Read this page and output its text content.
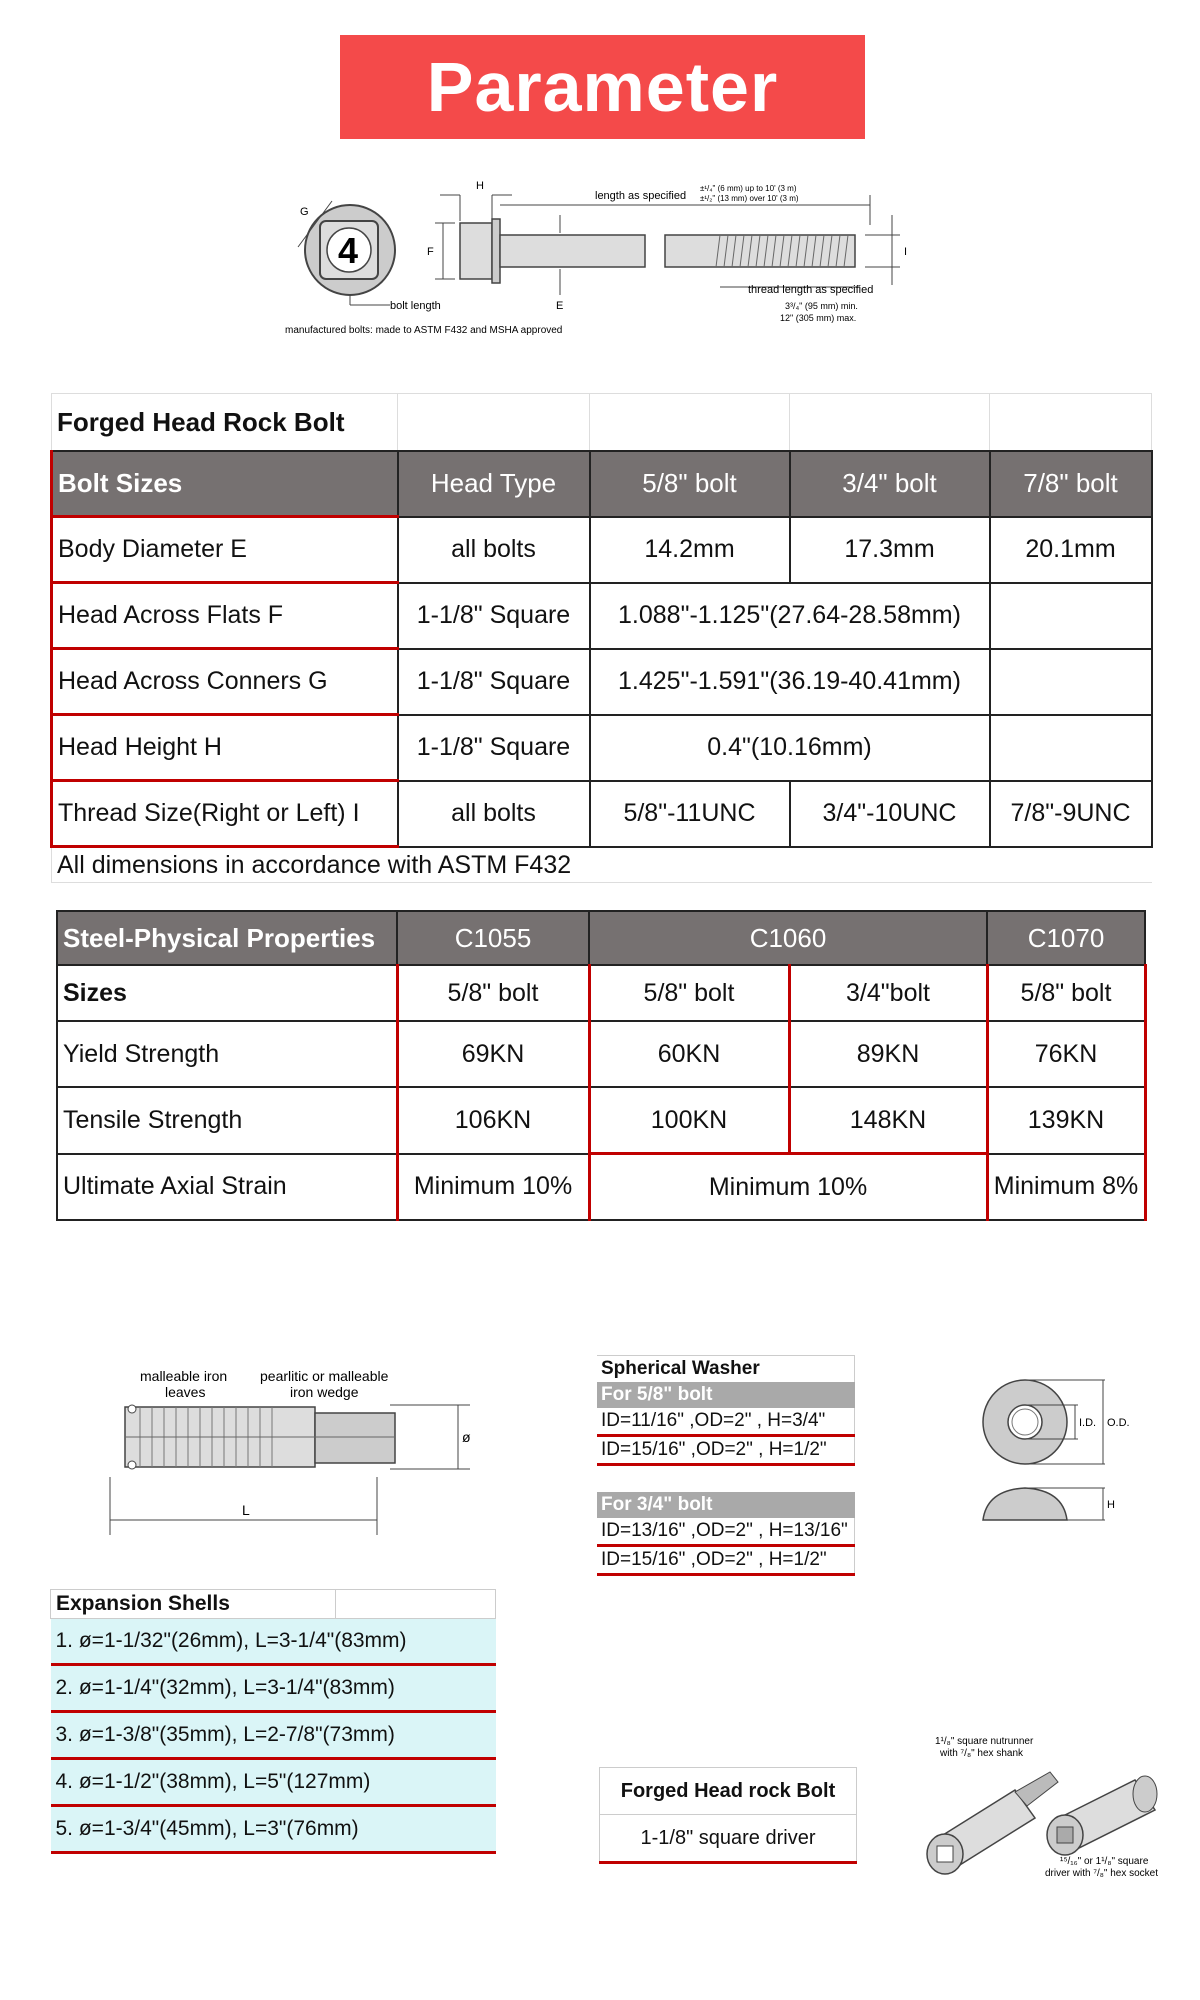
Parameter
4
G
bolt length
H
F
E
I
length as specified
±¹/₄" (6 mm) up to 10' (3 m)
±¹/₂" (13 mm) over 10' (3 m)
thread length as specified
3³/₄" (95 mm) min.
12" (305 mm) max.
manufactured bolts: made to ASTM F432 and MSHA approved
Forged Head Rock Bolt				
Bolt Sizes	Head Type	5/8" bolt	3/4" bolt	7/8" bolt
Body Diameter E	all bolts	14.2mm	17.3mm	20.1mm
Head Across Flats F	1-1/8" Square	1.088"-1.125"(27.64-28.58mm)		
Head Across Conners G	1-1/8" Square	1.425"-1.591"(36.19-40.41mm)		
Head Height H	1-1/8" Square	0.4"(10.16mm)		
Thread Size(Right or Left) I	all bolts	5/8"-11UNC	3/4"-10UNC	7/8"-9UNC
All dimensions in accordance with ASTM F432				
Steel-Physical Properties	C1055	C1060		C1070
Sizes	5/8" bolt	5/8" bolt	3/4"bolt	5/8" bolt
Yield Strength	69KN	60KN	89KN	76KN
Tensile Strength	106KN	100KN	148KN	139KN
Ultimate Axial Strain	Minimum 10%	Minimum 10%		Minimum 8%
malleable iron
leaves
pearlitic or malleable
iron wedge
ø
L
Spherical Washer
For 5/8" bolt
ID=11/16" ,OD=2" , H=3/4"
ID=15/16" ,OD=2" , H=1/2"

For 3/4" bolt
ID=13/16" ,OD=2" , H=13/16"
ID=15/16" ,OD=2" , H=1/2"
I.D. O.D.
H
Expansion Shells	
1. ø=1-1/32"(26mm), L=3-1/4"(83mm)
2. ø=1-1/4"(32mm), L=3-1/4"(83mm)
3. ø=1-3/8"(35mm), L=2-7/8"(73mm)
4. ø=1-1/2"(38mm), L=5"(127mm)
5. ø=1-3/4"(45mm), L=3"(76mm)
Forged Head rock Bolt
1-1/8" square driver
1¹/₈" square nutrunner
with ⁷/₈" hex shank
¹⁵/₁₆" or 1¹/₈" square
driver with ⁷/₈" hex socket
